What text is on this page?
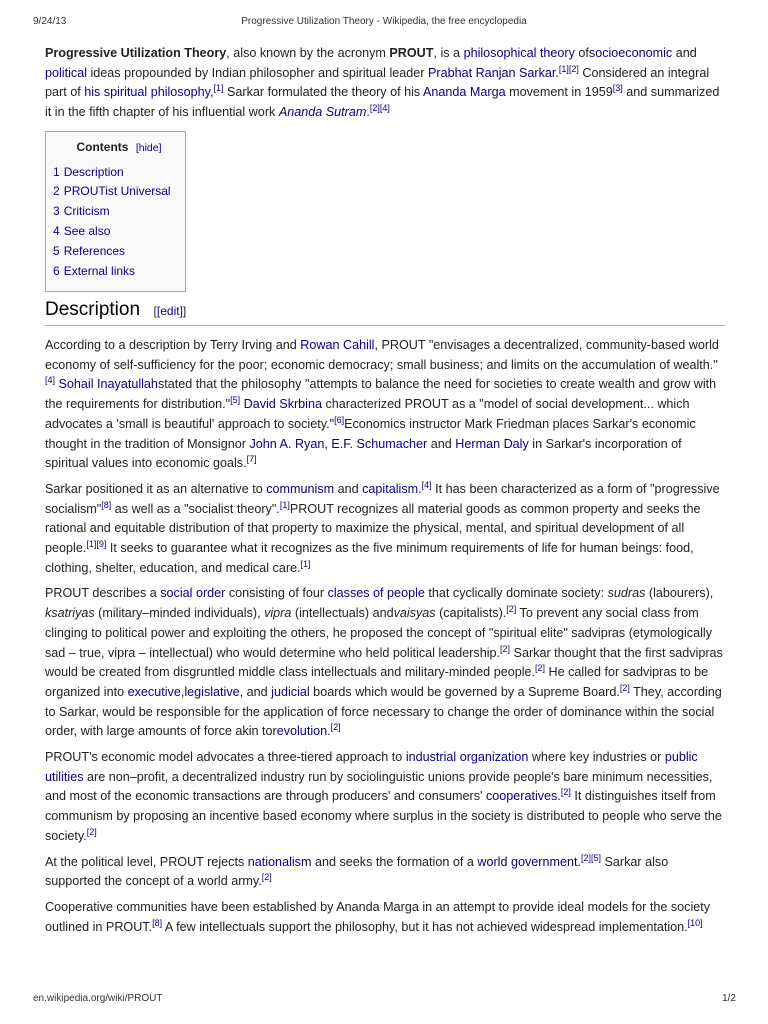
9/24/13	Progressive Utilization Theory - Wikipedia, the free encyclopedia

Progressive Utilization Theory, also known by the acronym PROUT, is a philosophical theory ofsocioeconomic and political ideas propounded by Indian philosopher and spiritual leader Prabhat Ranjan Sarkar.[1][2] Considered an integral part of his spiritual philosophy,[1] Sarkar formulated the theory of his Ananda Marga movement in 1959[3] and summarized it in the fifth chapter of his influential work Ananda Sutram.[2][4]

Contents [hide]
1 Description
2 PROUTist Universal
3 Criticism
4 See also
5 References
6 External links
Description [[edit]]

According to a description by Terry Irving and Rowan Cahill, PROUT "envisages a decentralized, community-based world economy of self-sufficiency for the poor; economic democracy; small business; and limits on the accumulation of wealth."[4] Sohail Inayatullahstated that the philosophy "attempts to balance the need for societies to create wealth and grow with the requirements for distribution."[5] David Skrbina characterized PROUT as a "model of social development... which advocates a 'small is beautiful' approach to society."[6]Economics instructor Mark Friedman places Sarkar's economic thought in the tradition of Monsignor John A. Ryan, E.F. Schumacher and Herman Daly in Sarkar's incorporation of spiritual values into economic goals.[7]

Sarkar positioned it as an alternative to communism and capitalism.[4] It has been characterized as a form of "progressive socialism"[8] as well as a "socialist theory".[1]PROUT recognizes all material goods as common property and seeks the rational and equitable distribution of that property to maximize the physical, mental, and spiritual development of all people.[1][9] It seeks to guarantee what it recognizes as the five minimum requirements of life for human beings: food, clothing, shelter, education, and medical care.[1]

PROUT describes a social order consisting of four classes of people that cyclically dominate society: sudras (labourers), ksatriyas (military–minded individuals), vipra (intellectuals) andvaisyas (capitalists).[2] To prevent any social class from clinging to political power and exploiting the others, he proposed the concept of "spiritual elite" sadvipras (etymologically sad – true, vipra – intellectual) who would determine who held political leadership.[2] Sarkar thought that the first sadvipras would be created from disgruntled middle class intellectuals and military-minded people.[2] He called for sadvipras to be organized into executive,legislative, and judicial boards which would be governed by a Supreme Board.[2] They, according to Sarkar, would be responsible for the application of force necessary to change the order of dominance within the social order, with large amounts of force akin torevolution.[2]

PROUT's economic model advocates a three-tiered approach to industrial organization where key industries or public utilities are non–profit, a decentralized industry run by sociolinguistic unions provide people's bare minimum necessities, and most of the economic transactions are through producers' and consumers' cooperatives.[2] It distinguishes itself from communism by proposing an incentive based economy where surplus in the society is distributed to people who serve the society.[2]

At the political level, PROUT rejects nationalism and seeks the formation of a world government.[2][5] Sarkar also supported the concept of a world army.[2]

Cooperative communities have been established by Ananda Marga in an attempt to provide ideal models for the society outlined in PROUT.[8] A few intellectuals support the philosophy, but it has not achieved widespread implementation.[10]

en.wikipedia.org/wiki/PROUT	1/2
